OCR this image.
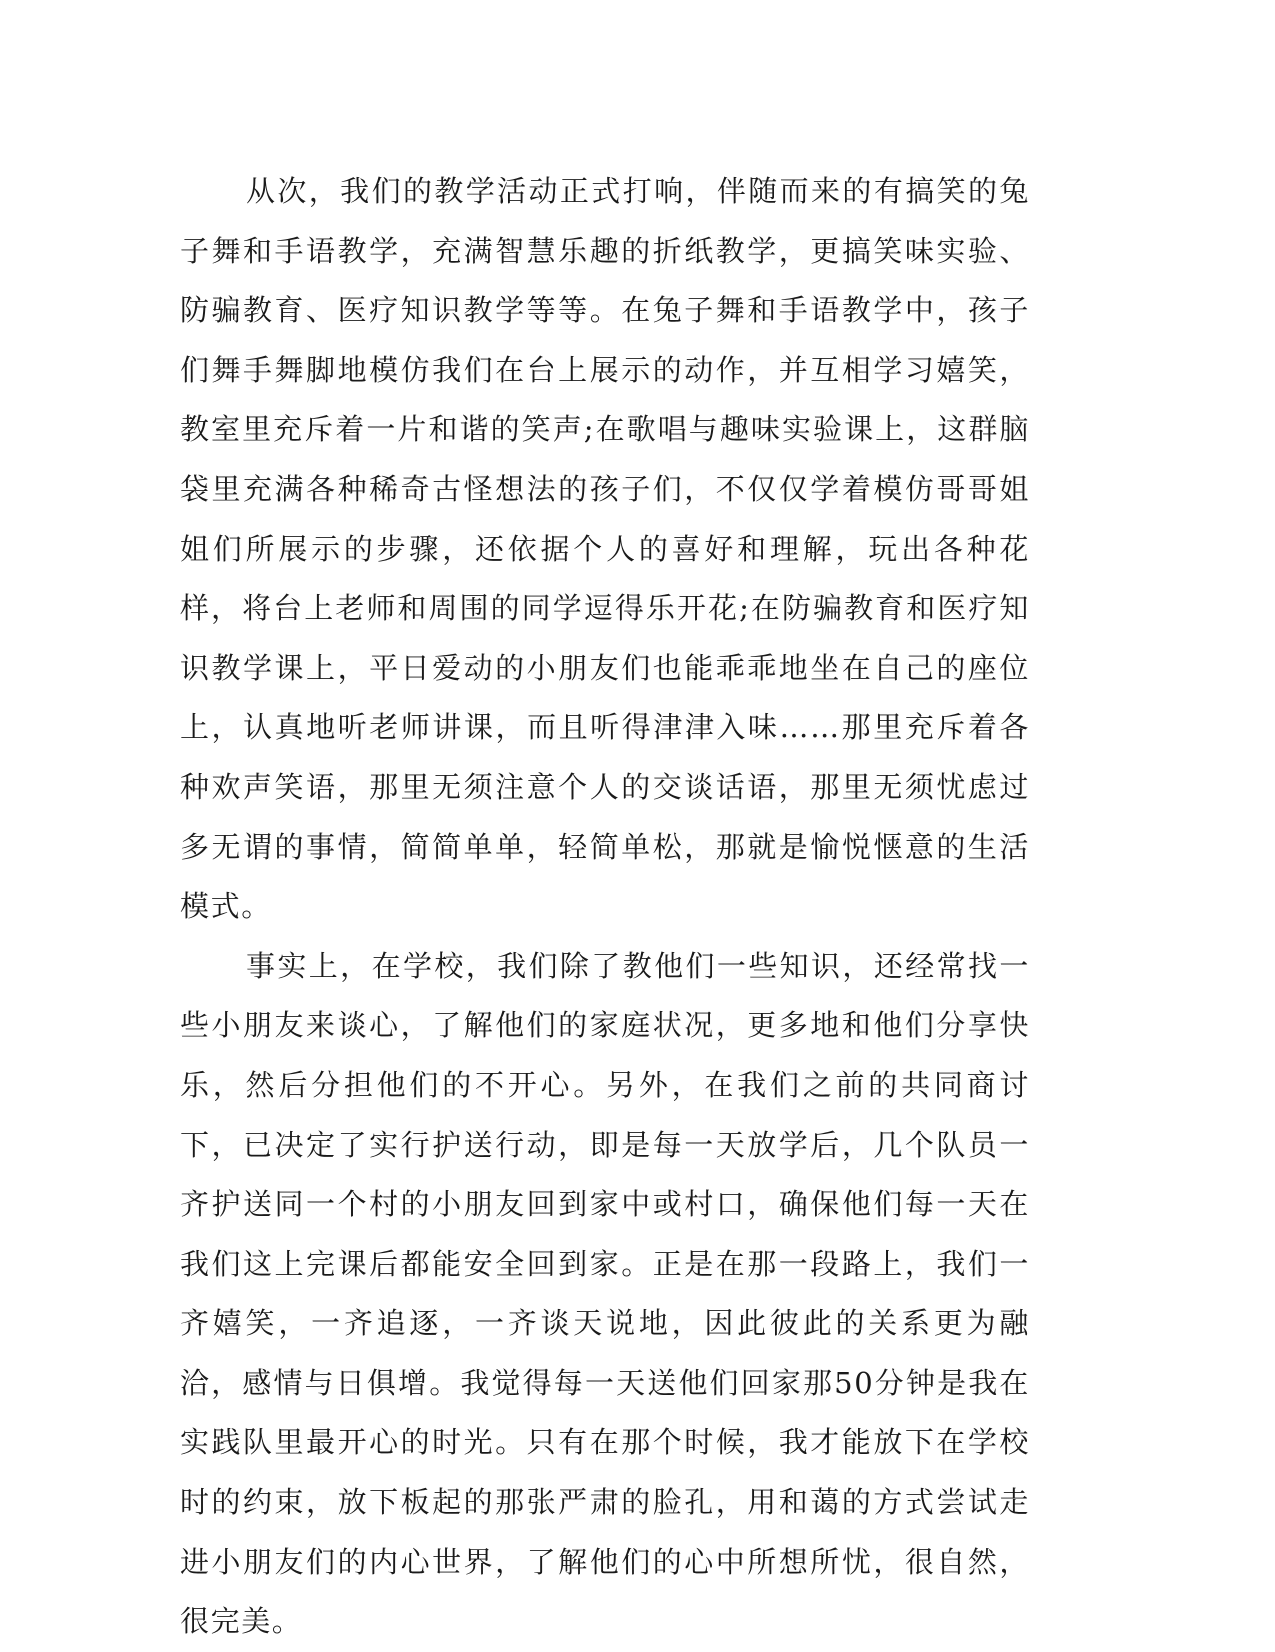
从次，我们的教学活动正式打响，伴随而来的有搞笑的兔子舞和手语教学，充满智慧乐趣的折纸教学，更搞笑味实验、防骗教育、医疗知识教学等等。在兔子舞和手语教学中，孩子们舞手舞脚地模仿我们在台上展示的动作，并互相学习嬉笑，教室里充斥着一片和谐的笑声;在歌唱与趣味实验课上，这群脑袋里充满各种稀奇古怪想法的孩子们，不仅仅学着模仿哥哥姐姐们所展示的步骤，还依据个人的喜好和理解，玩出各种花样，将台上老师和周围的同学逗得乐开花;在防骗教育和医疗知识教学课上，平日爱动的小朋友们也能乖乖地坐在自己的座位上，认真地听老师讲课，而且听得津津入味……那里充斥着各种欢声笑语，那里无须注意个人的交谈话语，那里无须忧虑过多无谓的事情，简简单单，轻简单松，那就是愉悦惬意的生活模式。

事实上，在学校，我们除了教他们一些知识，还经常找一些小朋友来谈心，了解他们的家庭状况，更多地和他们分享快乐，然后分担他们的不开心。另外，在我们之前的共同商讨下，已决定了实行护送行动，即是每一天放学后，几个队员一齐护送同一个村的小朋友回到家中或村口，确保他们每一天在我们这上完课后都能安全回到家。正是在那一段路上，我们一齐嬉笑，一齐追逐，一齐谈天说地，因此彼此的关系更为融洽，感情与日俱增。我觉得每一天送他们回家那50分钟是我在实践队里最开心的时光。只有在那个时候，我才能放下在学校时的约束，放下板起的那张严肃的脸孔，用和蔼的方式尝试走进小朋友们的内心世界，了解他们的心中所想所忧，很自然，很完美。
